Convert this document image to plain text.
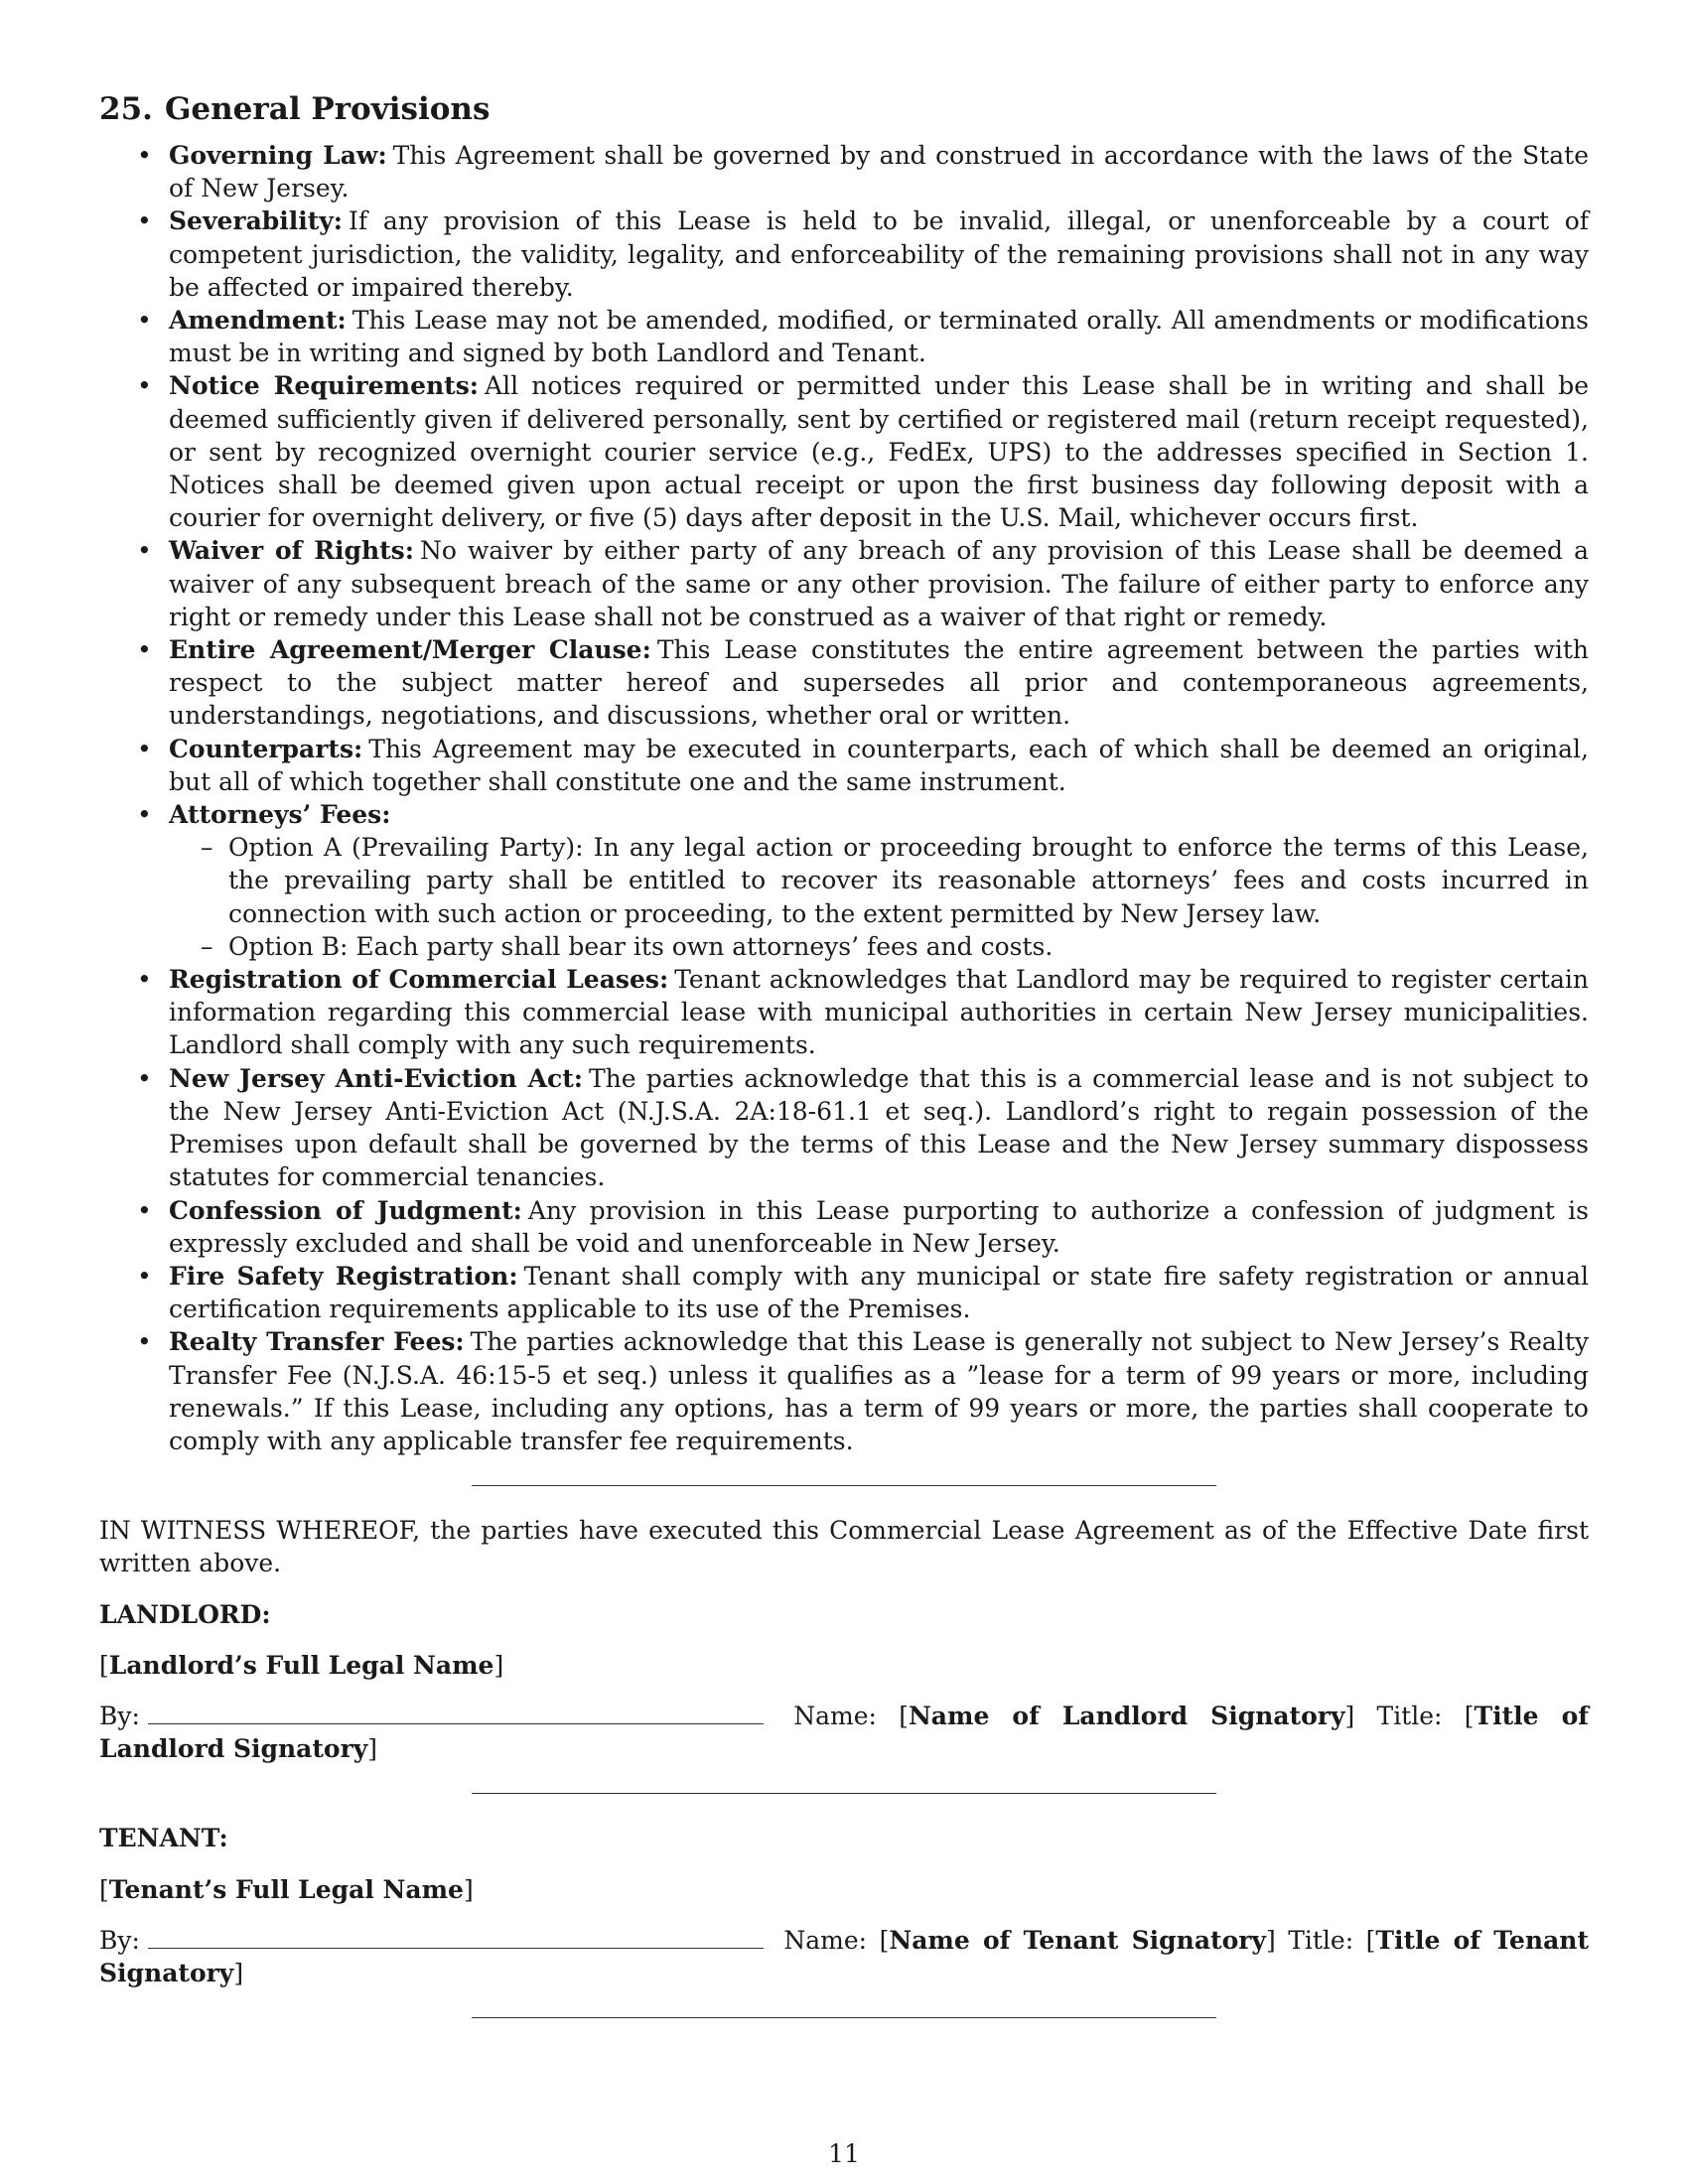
25. General Provisions
• Governing Law: This Agreement shall be governed by and construed in accordance with the laws of the State of New Jersey.
• Severability: If any provision of this Lease is held to be invalid, illegal, or unenforceable by a court of competent jurisdiction, the validity, legality, and enforceability of the remaining provisions shall not in any way be affected or impaired thereby.
• Amendment: This Lease may not be amended, modified, or terminated orally. All amendments or modifications must be in writing and signed by both Landlord and Tenant.
• Notice Requirements: All notices required or permitted under this Lease shall be in writing and shall be deemed sufficiently given if delivered personally, sent by certified or registered mail (return receipt requested), or sent by recognized overnight courier service (e.g., FedEx, UPS) to the addresses specified in Section 1. Notices shall be deemed given upon actual receipt or upon the first business day following deposit with a courier for overnight delivery, or five (5) days after deposit in the U.S. Mail, whichever occurs first.
• Waiver of Rights: No waiver by either party of any breach of any provision of this Lease shall be deemed a waiver of any subsequent breach of the same or any other provision. The failure of either party to enforce any right or remedy under this Lease shall not be construed as a waiver of that right or remedy.
• Entire Agreement/Merger Clause: This Lease constitutes the entire agreement between the parties with respect to the subject matter hereof and supersedes all prior and contemporaneous agreements, understandings, negotiations, and discussions, whether oral or written.
• Counterparts: This Agreement may be executed in counterparts, each of which shall be deemed an original, but all of which together shall constitute one and the same instrument.
• Attorneys’ Fees:
– Option A (Prevailing Party): In any legal action or proceeding brought to enforce the terms of this Lease, the prevailing party shall be entitled to recover its reasonable attorneys’ fees and costs incurred in connection with such action or proceeding, to the extent permitted by New Jersey law.
– Option B: Each party shall bear its own attorneys’ fees and costs.
• Registration of Commercial Leases: Tenant acknowledges that Landlord may be required to register certain information regarding this commercial lease with municipal authorities in certain New Jersey municipalities. Landlord shall comply with any such requirements.
• New Jersey Anti-Eviction Act: The parties acknowledge that this is a commercial lease and is not subject to the New Jersey Anti-Eviction Act (N.J.S.A. 2A:18-61.1 et seq.). Landlord’s right to regain possession of the Premises upon default shall be governed by the terms of this Lease and the New Jersey summary dispossess statutes for commercial tenancies.
• Confession of Judgment: Any provision in this Lease purporting to authorize a confession of judgment is expressly excluded and shall be void and unenforceable in New Jersey.
• Fire Safety Registration: Tenant shall comply with any municipal or state fire safety registration or annual certification requirements applicable to its use of the Premises.
• Realty Transfer Fees: The parties acknowledge that this Lease is generally not subject to New Jersey’s Realty Transfer Fee (N.J.S.A. 46:15-5 et seq.) unless it qualifies as a ”lease for a term of 99 years or more, including renewals.” If this Lease, including any options, has a term of 99 years or more, the parties shall cooperate to comply with any applicable transfer fee requirements.

IN WITNESS WHEREOF, the parties have executed this Commercial Lease Agreement as of the Effective Date first written above.

LANDLORD:
[Landlord’s Full Legal Name]
By:	Name: [Name of Landlord Signatory] Title: [Title of Landlord Signatory]
TENANT:
[Tenant’s Full Legal Name]
By:	Name: [Name of Tenant Signatory] Title: [Title of Tenant Signatory]
11
